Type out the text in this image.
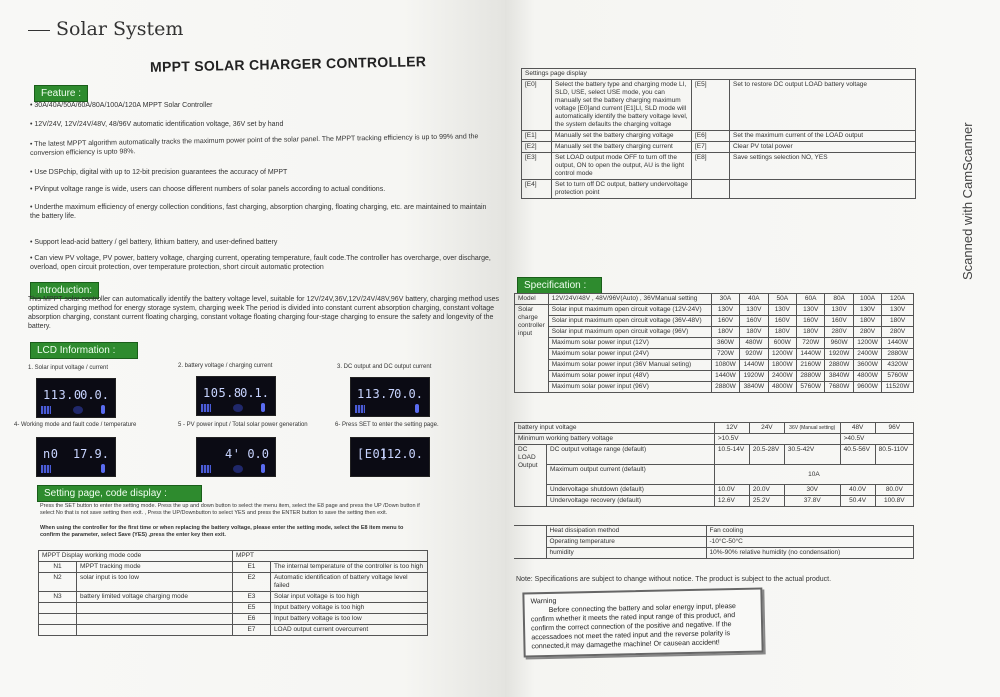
Solar System
MPPT SOLAR CHARGER CONTROLLER
Feature :
• 30A/40A/50A/60A/80A/100A/120A MPPT Solar Controller
• 12V/24V, 12V/24V/48V, 48/96V automatic identification voltage, 36V set by hand
• The latest MPPT algorithm automatically tracks the maximum power point of the solar panel. The MPPT tracking efficiency is up to 99% and the conversion efficiency is upto 98%.
• Use DSPchip, digital with up to 12-bit precision guarantees the accuracy of MPPT
• PVinput voltage range is wide, users can choose different numbers of solar panels according to actual conditions.
• Underthe maximum efficiency of energy collection conditions, fast charging, absorption charging, floating charging, etc. are maintained to maintain the battery life.
• Support lead-acid battery / gel battery, lithium battery, and user-defined battery
• Can view PV voltage, PV power, battery voltage, charging current, operating temperature, fault code.The controller has overcharge, over discharge, overload, open circuit protection, over temperature protection, short circuit automatic protection
Introduction:
This MPPT solar controller can automatically identify the battery voltage level, suitable for 12V/24V,36V,12V/24V/48V,96V battery, charging method uses optimized charging method for energy storage system, charging week The period is divided into constant current absorption charging, constant voltage absorption charging, constant current floating charging, constant voltage floating charging four-stage charging to ensure the safety and longevity of the battery.
LCD Information :
1. Solar input voltage / current
113.0
0.0.
2. battery voltage / charging current
105.8
0.1.
3. DC output and DC output current
113.7
0.0.
4- Working mode and fault code / temperature
n0 17.9.
5 - PV power input / Total solar power generation
4' 0.0
6- Press SET to enter the setting page.
[E0]
112.0.
Setting page, code display :
Press the SET button to enter the setting mode. Press the up and down button to select the menu item, select the E8 page and press the UP /Down button if select No that is not save setting then exit. , Press the UP/Downbutton to select YES and press the ENTER button to save the setting then exit.
When using the controller for the first time or when replacing the battery voltage, please enter the setting mode, select the E8 item menu to confirm the parameter, select Save (YES) ,press the enter key then exit.
MPPT Display working mode code		MPPT	
N1	MPPT tracking mode	E1	The internal temperature of the controller is too high
N2	solar input is too low	E2	Automatic identification of battery voltage level failed
N3	battery limited voltage charging mode	E3	Solar input voltage is too high
		E5	Input battery voltage is too high
		E6	Input battery voltage is too low
		E7	LOAD output current overcurrent
Settings page display			
[E0]	Select the battery type and charging mode LI, SLD, USE, select USE mode, you can manually set the battery charging maximum voltage [E0]and current [E1]LI, SLD mode will automatically identify the battery voltage level, the system defaults the charging voltage	[E5]	Set to restore DC output LOAD battery voltage
[E1]	Manually set the battery charging voltage	[E6]	Set the maximum current of the LOAD output
[E2]	Manually set the battery charging current	[E7]	Clear PV total power
[E3]	Set LOAD output mode OFF to turn off the output, ON to open the output, AU is the light control mode	[E8]	Save settings selection NO, YES
[E4]	Set to turn off DC output, battery undervoltage protection point		
Specification :
Model	12V/24V/48V , 48V/96V(Auto) , 36VManual setting	30A	40A	50A	60A	80A	100A	120A
Solar charge controller input	Solar input maximum open circuit voltage (12V-24V)	130V	130V	130V	130V	130V	130V	130V
	Solar input maximum open circuit voltage (36V-48V)	160V	160V	160V	160V	160V	180V	180V
	Solar input maximum open circuit voltage (96V)	180V	180V	180V	180V	280V	280V	280V
	Maximum solar power input (12V)	360W	480W	600W	720W	960W	1200W	1440W
	Maximum solar power input (24V)	720W	920W	1200W	1440W	1920W	2400W	2880W
	Maximum solar power input (36V Manual seting)	1080W	1440W	1800W	2160W	2880W	3600W	4320W
	Maximum solar power input (48V)	1440W	1920W	2400W	2880W	3840W	4800W	5760W
	Maximum solar power input (96V)	2880W	3840W	4800W	5760W	7680W	9600W	11520W
battery input voltage		12V	24V	36V (Manual setting)	48V	96V
Minimum working battery voltage		>10.5V			>40.5V	
DC LOAD Output	DC output voltage range (default)	10.5-14V	20.5-28V	30.5-42V	40.5-56V	80.5-110V
	Maximum output current (default)	10A				
	Undervoltage shutdown (default)	10.0V	20.0V	30V	40.0V	80.0V
	Undervoltage recovery (default)	12.6V	25.2V	37.8V	50.4V	100.8V
	Heat dissipation method	Fan cooling
	Operating temperature	-10°C-50°C
	humidity	10%-90% relative humidity (no condensation)
Note: Specifications are subject to change without notice. The product is subject to the actual product.
Warning
Before connecting the battery and solar energy input, please confirm whether it meets the rated input range of this product, and confirm the correct connection of the positive and negative. If the accessadoes not meet the rated input and the reverse polarity is connected,it may damagethe machine! Or causean accident!
Scanned with CamScanner
